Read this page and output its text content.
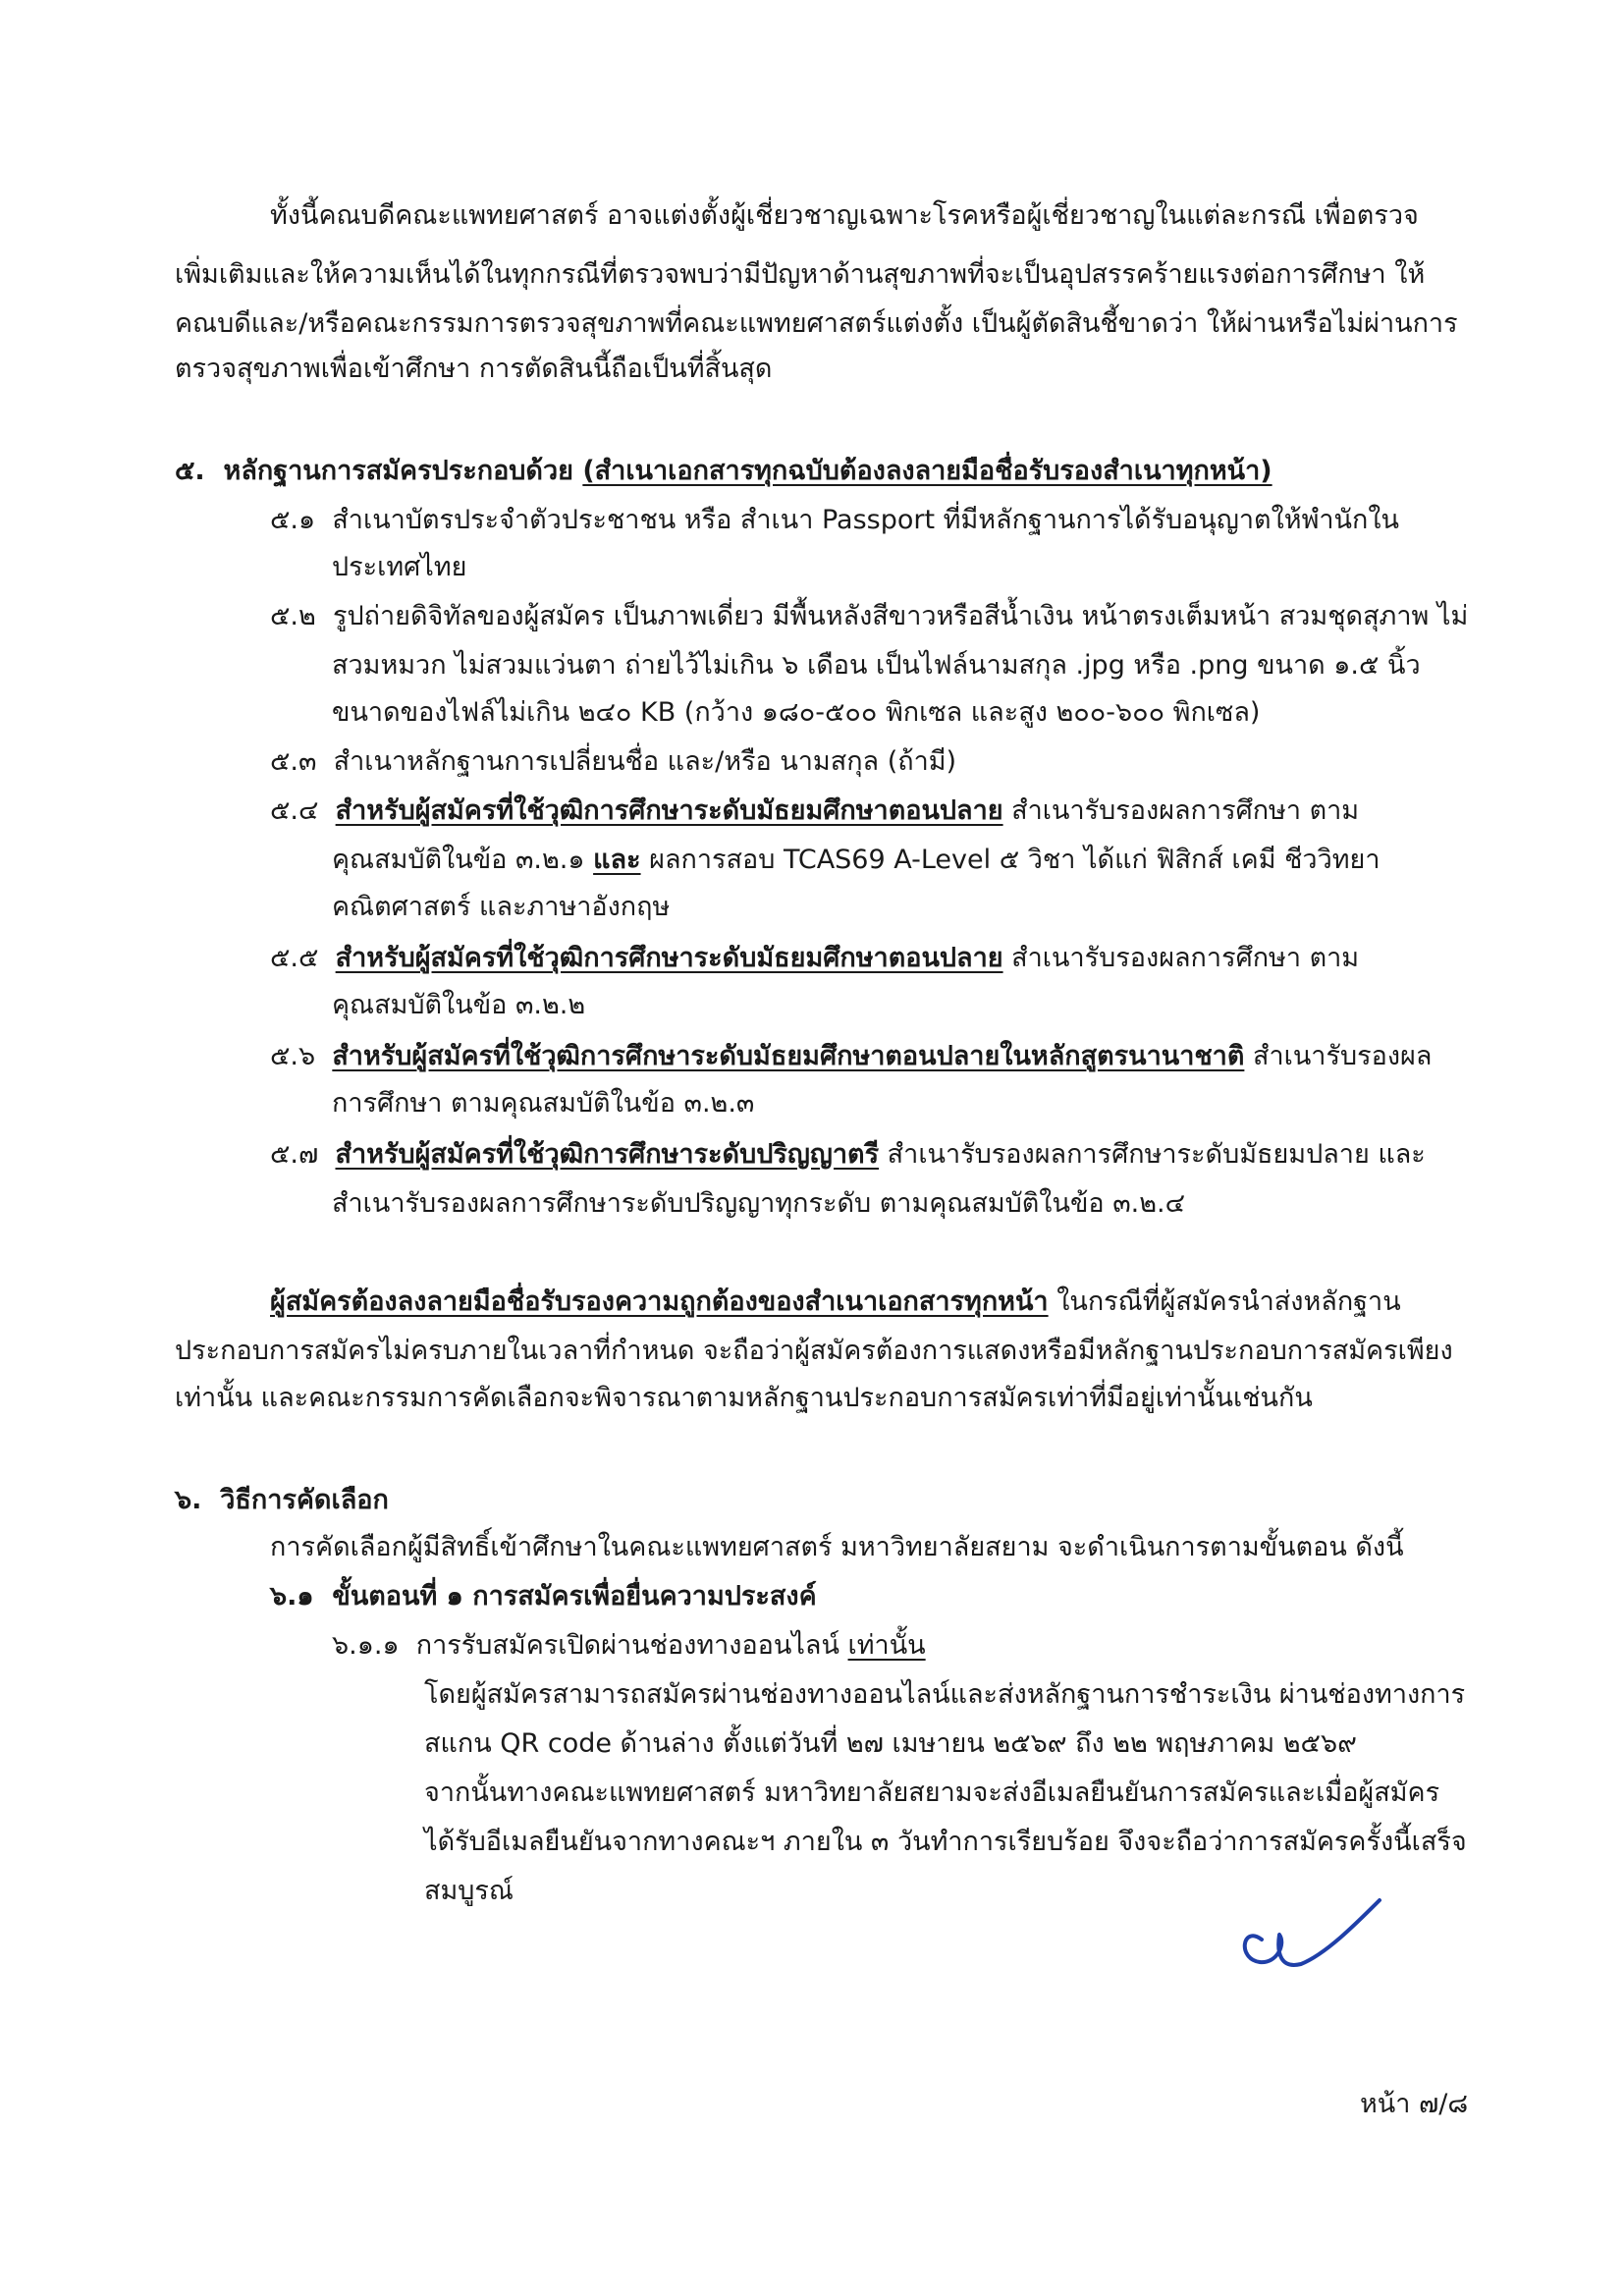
ทั้งนี้คณบดีคณะแพทยศาสตร์ อาจแต่งตั้งผู้เชี่ยวชาญเฉพาะโรคหรือผู้เชี่ยวชาญในแต่ละกรณี เพื่อตรวจ
เพิ่มเติมและให้ความเห็นได้ในทุกกรณีที่ตรวจพบว่ามีปัญหาด้านสุขภาพที่จะเป็นอุปสรรคร้ายแรงต่อการศึกษา ให้
คณบดีและ/หรือคณะกรรมการตรวจสุขภาพที่คณะแพทยศาสตร์แต่งตั้ง เป็นผู้ตัดสินชี้ขาดว่า ให้ผ่านหรือไม่ผ่านการ
ตรวจสุขภาพเพื่อเข้าศึกษา การตัดสินนี้ถือเป็นที่สิ้นสุด
๕. หลักฐานการสมัครประกอบด้วย (สำเนาเอกสารทุกฉบับต้องลงลายมือชื่อรับรองสำเนาทุกหน้า)
๕.๑ สำเนาบัตรประจำตัวประชาชน หรือ สำเนา Passport ที่มีหลักฐานการได้รับอนุญาตให้พำนักใน
ประเทศไทย
๕.๒ รูปถ่ายดิจิทัลของผู้สมัคร เป็นภาพเดี่ยว มีพื้นหลังสีขาวหรือสีน้ำเงิน หน้าตรงเต็มหน้า สวมชุดสุภาพ ไม่
สวมหมวก ไม่สวมแว่นตา ถ่ายไว้ไม่เกิน ๖ เดือน เป็นไฟล์นามสกุล .jpg หรือ .png ขนาด ๑.๕ นิ้ว
ขนาดของไฟล์ไม่เกิน ๒๔๐ KB (กว้าง ๑๘๐-๕๐๐ พิกเซล และสูง ๒๐๐-๖๐๐ พิกเซล)
๕.๓ สำเนาหลักฐานการเปลี่ยนชื่อ และ/หรือ นามสกุล (ถ้ามี)
๕.๔ สำหรับผู้สมัครที่ใช้วุฒิการศึกษาระดับมัธยมศึกษาตอนปลาย สำเนารับรองผลการศึกษา ตาม
คุณสมบัติในข้อ ๓.๒.๑ และ ผลการสอบ TCAS69 A-Level ๕ วิชา ได้แก่ ฟิสิกส์ เคมี ชีววิทยา
คณิตศาสตร์ และภาษาอังกฤษ
๕.๕ สำหรับผู้สมัครที่ใช้วุฒิการศึกษาระดับมัธยมศึกษาตอนปลาย สำเนารับรองผลการศึกษา ตาม
คุณสมบัติในข้อ ๓.๒.๒
๕.๖ สำหรับผู้สมัครที่ใช้วุฒิการศึกษาระดับมัธยมศึกษาตอนปลายในหลักสูตรนานาชาติ สำเนารับรองผล
การศึกษา ตามคุณสมบัติในข้อ ๓.๒.๓
๕.๗ สำหรับผู้สมัครที่ใช้วุฒิการศึกษาระดับปริญญาตรี สำเนารับรองผลการศึกษาระดับมัธยมปลาย และ
สำเนารับรองผลการศึกษาระดับปริญญาทุกระดับ ตามคุณสมบัติในข้อ ๓.๒.๔
ผู้สมัครต้องลงลายมือชื่อรับรองความถูกต้องของสำเนาเอกสารทุกหน้า ในกรณีที่ผู้สมัครนำส่งหลักฐาน
ประกอบการสมัครไม่ครบภายในเวลาที่กำหนด จะถือว่าผู้สมัครต้องการแสดงหรือมีหลักฐานประกอบการสมัครเพียง
เท่านั้น และคณะกรรมการคัดเลือกจะพิจารณาตามหลักฐานประกอบการสมัครเท่าที่มีอยู่เท่านั้นเช่นกัน
๖. วิธีการคัดเลือก
การคัดเลือกผู้มีสิทธิ์เข้าศึกษาในคณะแพทยศาสตร์ มหาวิทยาลัยสยาม จะดำเนินการตามขั้นตอน ดังนี้
๖.๑ ขั้นตอนที่ ๑ การสมัครเพื่อยื่นความประสงค์
๖.๑.๑ การรับสมัครเปิดผ่านช่องทางออนไลน์ เท่านั้น
โดยผู้สมัครสามารถสมัครผ่านช่องทางออนไลน์และส่งหลักฐานการชำระเงิน ผ่านช่องทางการ
สแกน QR code ด้านล่าง ตั้งแต่วันที่ ๒๗ เมษายน ๒๕๖๙ ถึง ๒๒ พฤษภาคม ๒๕๖๙
จากนั้นทางคณะแพทยศาสตร์ มหาวิทยาลัยสยามจะส่งอีเมลยืนยันการสมัครและเมื่อผู้สมัคร
ได้รับอีเมลยืนยันจากทางคณะฯ ภายใน ๓ วันทำการเรียบร้อย จึงจะถือว่าการสมัครครั้งนี้เสร็จ
สมบูรณ์
หน้า ๗/๘
